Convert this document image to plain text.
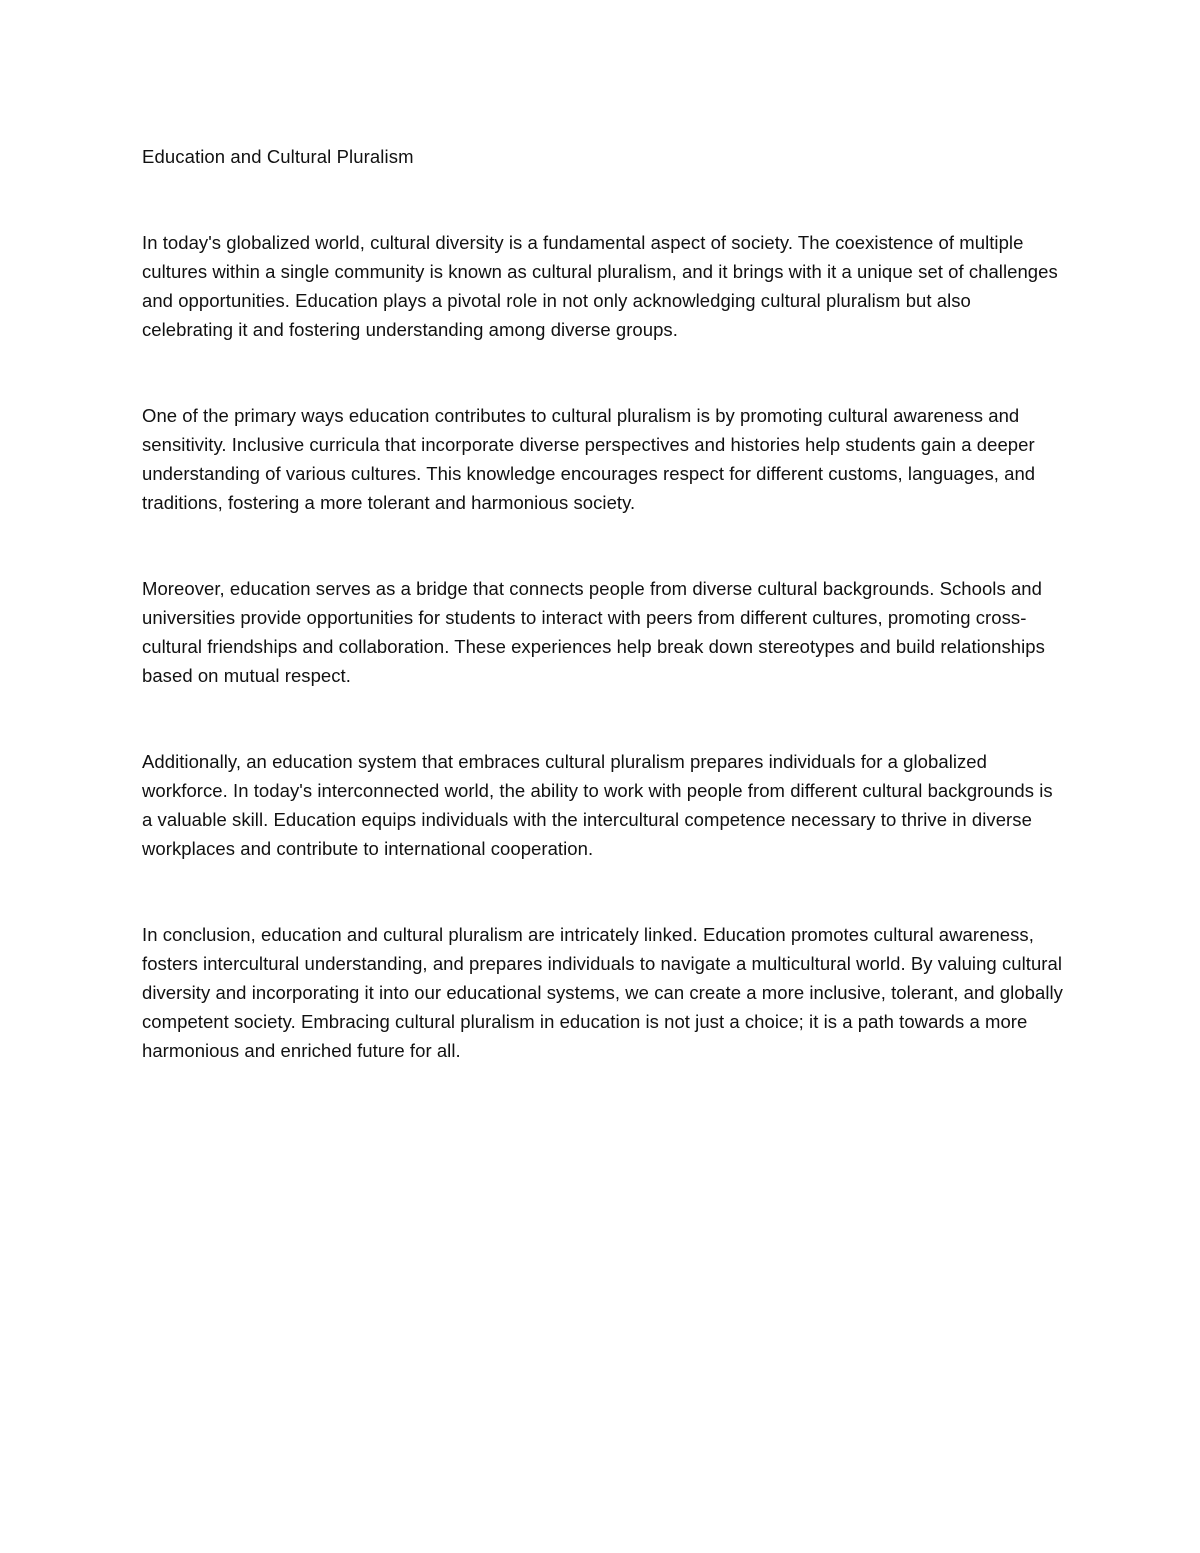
Education and Cultural Pluralism

In today's globalized world, cultural diversity is a fundamental aspect of society. The coexistence of multiple cultures within a single community is known as cultural pluralism, and it brings with it a unique set of challenges and opportunities. Education plays a pivotal role in not only acknowledging cultural pluralism but also celebrating it and fostering understanding among diverse groups.

One of the primary ways education contributes to cultural pluralism is by promoting cultural awareness and sensitivity. Inclusive curricula that incorporate diverse perspectives and histories help students gain a deeper understanding of various cultures. This knowledge encourages respect for different customs, languages, and traditions, fostering a more tolerant and harmonious society.

Moreover, education serves as a bridge that connects people from diverse cultural backgrounds. Schools and universities provide opportunities for students to interact with peers from different cultures, promoting cross-cultural friendships and collaboration. These experiences help break down stereotypes and build relationships based on mutual respect.

Additionally, an education system that embraces cultural pluralism prepares individuals for a globalized workforce. In today's interconnected world, the ability to work with people from different cultural backgrounds is a valuable skill. Education equips individuals with the intercultural competence necessary to thrive in diverse workplaces and contribute to international cooperation.

In conclusion, education and cultural pluralism are intricately linked. Education promotes cultural awareness, fosters intercultural understanding, and prepares individuals to navigate a multicultural world. By valuing cultural diversity and incorporating it into our educational systems, we can create a more inclusive, tolerant, and globally competent society. Embracing cultural pluralism in education is not just a choice; it is a path towards a more harmonious and enriched future for all.
